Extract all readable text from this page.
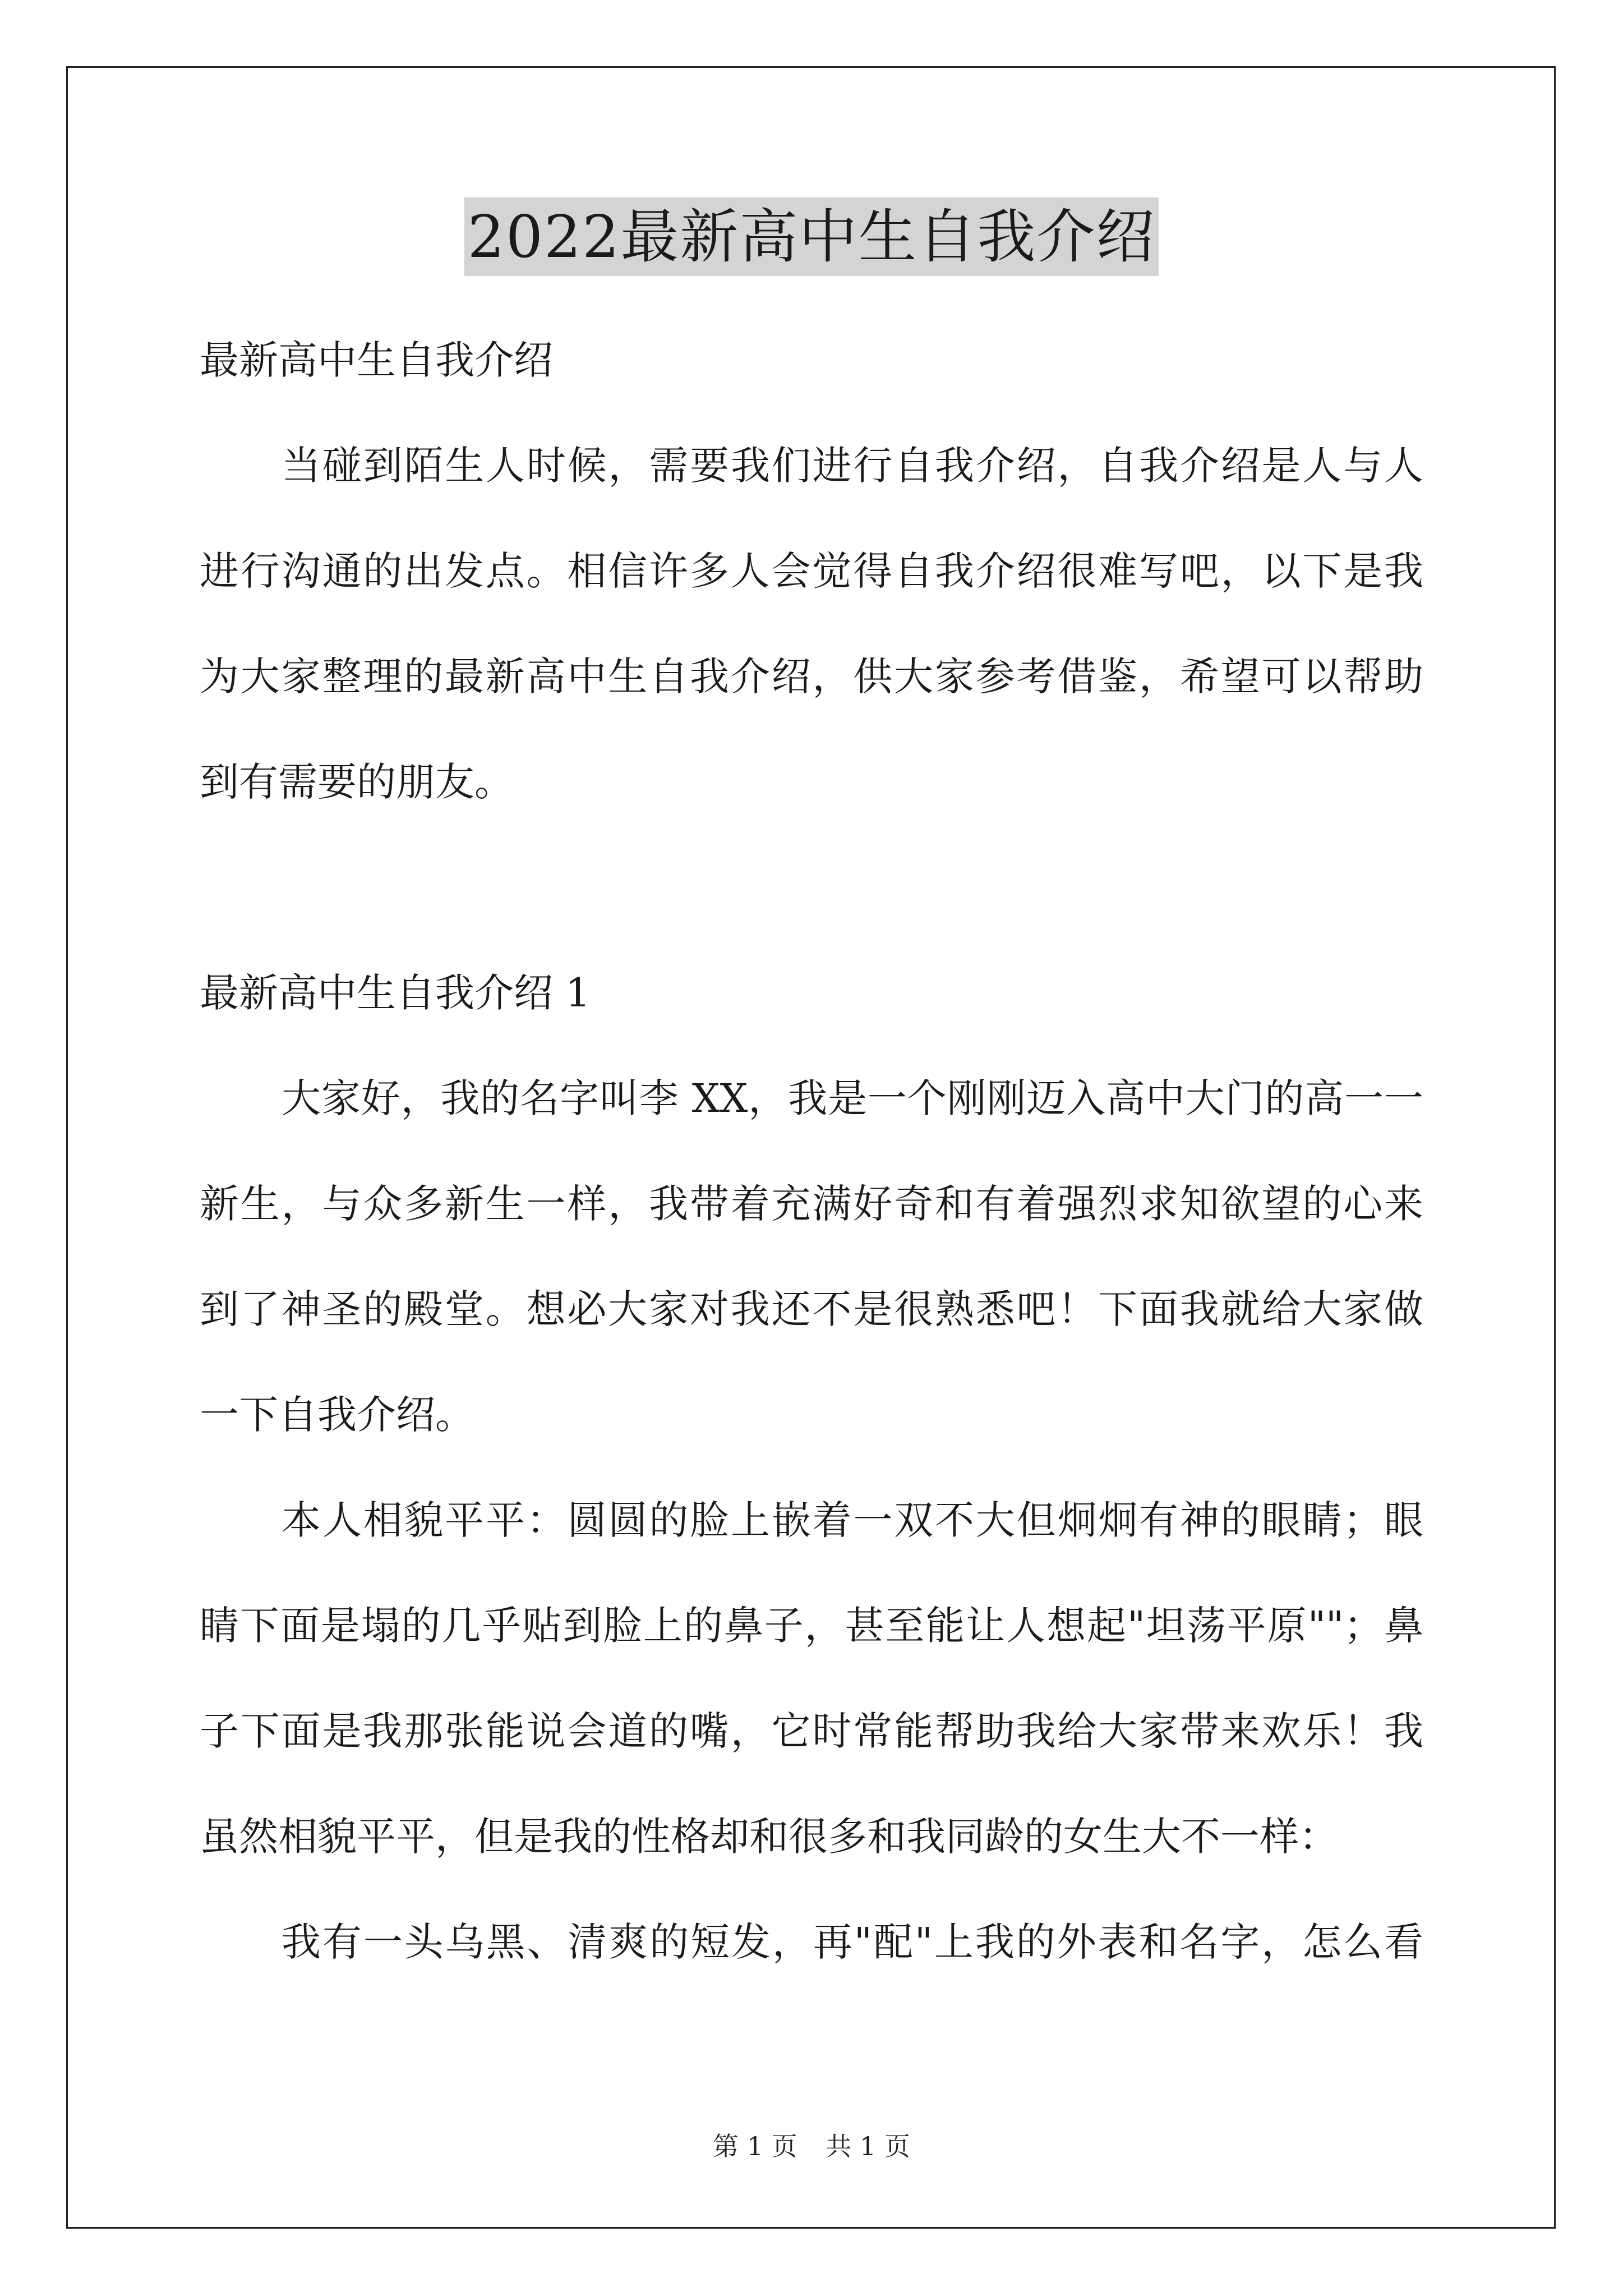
2022最新高中生自我介绍
最新高中生自我介绍
当碰到陌生人时候，需要我们进行自我介绍，自我介绍是人与人
进行沟通的出发点。相信许多人会觉得自我介绍很难写吧，以下是我
为大家整理的最新高中生自我介绍，供大家参考借鉴，希望可以帮助
到有需要的朋友。
最新高中生自我介绍 1
大家好，我的名字叫李 XX，我是一个刚刚迈入高中大门的高一一
新生，与众多新生一样，我带着充满好奇和有着强烈求知欲望的心来
到了神圣的殿堂。想必大家对我还不是很熟悉吧！下面我就给大家做
一下自我介绍。
本人相貌平平：圆圆的脸上嵌着一双不大但炯炯有神的眼睛；眼
睛下面是塌的几乎贴到脸上的鼻子，甚至能让人想起"坦荡平原""；鼻
子下面是我那张能说会道的嘴，它时常能帮助我给大家带来欢乐！我
虽然相貌平平，但是我的性格却和很多和我同龄的女生大不一样：
我有一头乌黑、清爽的短发，再"配"上我的外表和名字，怎么看
第 1 页 共 1 页
